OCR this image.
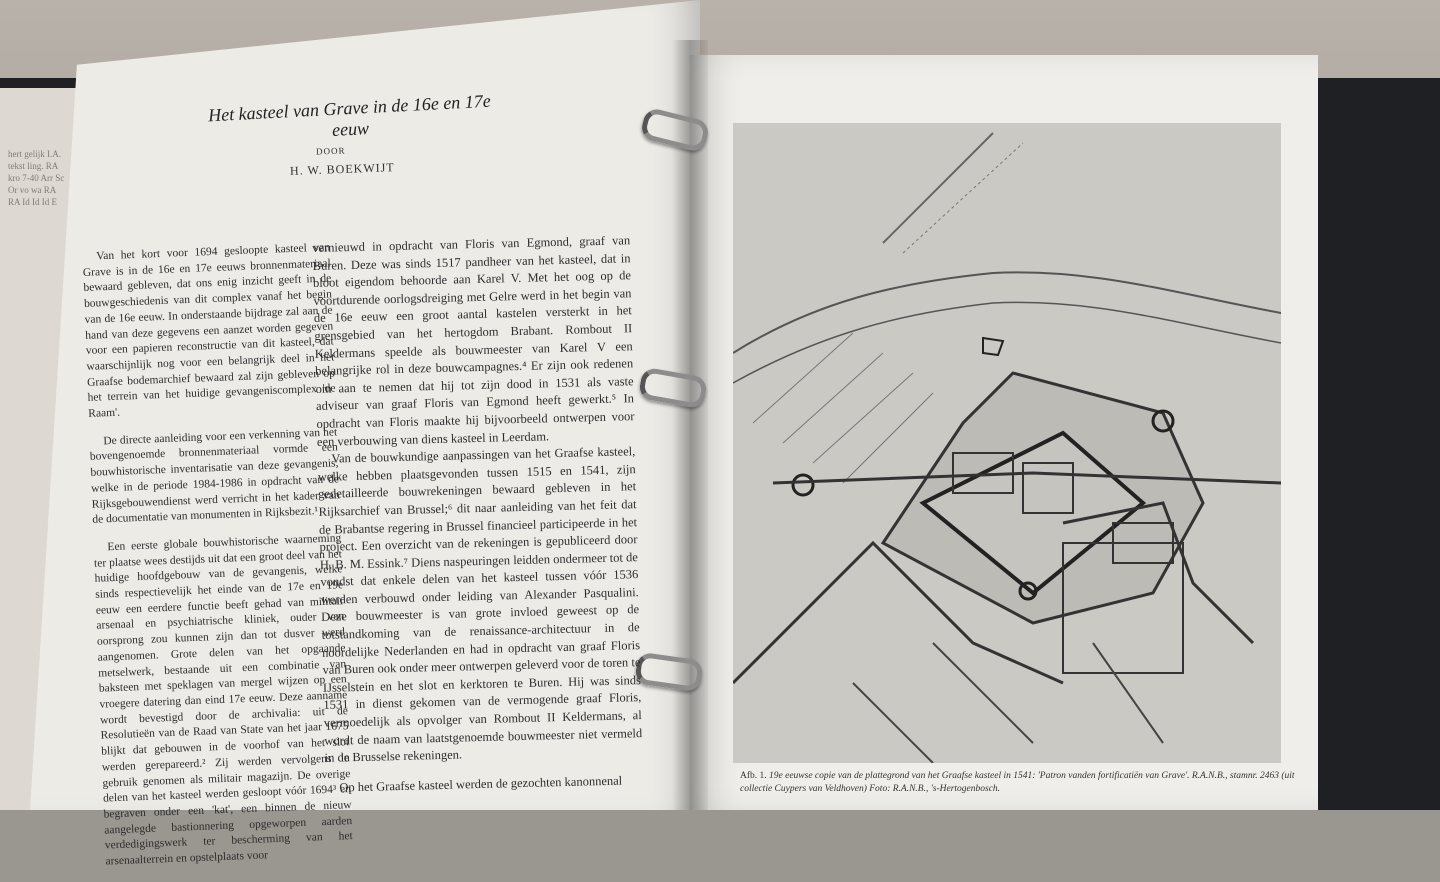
hert gelijk I.A. tekst ling. RA kro 7-40 Arr Sc Or vo wa RA RA Id Id Id E
Het kasteel van Grave in de 16e en 17e eeuw
DOOR
H. W. BOEKWIJT

Van het kort voor 1694 gesloopte kasteel van Grave is in de 16e en 17e eeuws bronnenmateriaal bewaard gebleven, dat ons enig inzicht geeft in de bouwgeschiedenis van dit complex vanaf het begin van de 16e eeuw. In onderstaande bijdrage zal aan de hand van deze gegevens een aanzet worden gegeven voor een papieren reconstructie van dit kasteel, dat waarschijnlijk nog voor een belangrijk deel in het Graafse bodemarchief bewaard zal zijn gebleven op het terrein van het huidige gevangeniscomplex 'de Raam'.

De directe aanleiding voor een verkenning van het bovengenoemde bronnenmateriaal vormde een bouwhistorische inventarisatie van deze gevangenis, welke in de periode 1984-1986 in opdracht van de Rijksgebouwendienst werd verricht in het kader van de documentatie van monumenten in Rijksbezit.¹

Een eerste globale bouwhistorische waarneming ter plaatse wees destijds uit dat een groot deel van het huidige hoofdgebouw van de gevangenis, welke sinds respectievelijk het einde van de 17e en 19e eeuw een eerdere functie beeft gehad van militair arsenaal en psychiatrische kliniek, ouder van oorsprong zou kunnen zijn dan tot dusver werd aangenomen. Grote delen van het opgaande metselwerk, bestaande uit een combinatie van baksteen met speklagen van mergel wijzen op een vroegere datering dan eind 17e eeuw. Deze aanname wordt bevestigd door de archivalia: uit de Resolutieën van de Raad van State van het jaar 1675 blijkt dat gebouwen in de voorhof van het slot werden gerepareerd.² Zij werden vervolgens in gebruik genomen als militair magazijn. De overige delen van het kasteel werden gesloopt vóór 1694³ en begraven onder een 'kat', een binnen de nieuw aangelegde bastionnering opgeworpen aarden verdedigingswerk ter bescherming van het arsenaalterrein en opstelplaats voor

vernieuwd in opdracht van Floris van Egmond, graaf van Buren. Deze was sinds 1517 pandheer van het kasteel, dat in bloot eigendom behoorde aan Karel V. Met het oog op de voortdurende oorlogsdreiging met Gelre werd in het begin van de 16e eeuw een groot aantal kastelen versterkt in het grensgebied van het hertogdom Brabant. Rombout II Keldermans speelde als bouwmeester van Karel V een belangrijke rol in deze bouwcampagnes.⁴ Er zijn ook redenen om aan te nemen dat hij tot zijn dood in 1531 als vaste adviseur van graaf Floris van Egmond heeft gewerkt.⁵ In opdracht van Floris maakte hij bijvoorbeeld ontwerpen voor een verbouwing van diens kasteel in Leerdam.

Van de bouwkundige aanpassingen van het Graafse kasteel, welke hebben plaatsgevonden tussen 1515 en 1541, zijn gedetailleerde bouwrekeningen bewaard gebleven in het Rijksarchief van Brussel;⁶ dit naar aanleiding van het feit dat de Brabantse regering in Brussel financieel participeerde in het project. Een overzicht van de rekeningen is gepubliceerd door H. B. M. Essink.⁷ Diens naspeuringen leidden ondermeer tot de vondst dat enkele delen van het kasteel tussen vóór 1536 werden verbouwd onder leiding van Alexander Pasqualini. Deze bouwmeester is van grote invloed geweest op de totstandkoming van de renaissance-architectuur in de noordelijke Nederlanden en had in opdracht van graaf Floris van Buren ook onder meer ontwerpen geleverd voor de toren te IJsselstein en het slot en kerktoren te Buren. Hij was sinds 1531 in dienst gekomen van de vermogende graaf Floris, vermoedelijk als opvolger van Rombout II Keldermans, al wordt de naam van laatstgenoemde bouwmeester niet vermeld in de Brusselse rekeningen.

Op het Graafse kasteel werden de gezochten kanonnenal	Afb. 1. 19e eeuwse copie van de plattegrond van het Graafse kasteel in 1541: 'Patron vanden fortificatiën van Grave'. R.A.N.B., stamnr. 2463 (uit collectie Cuypers van Veldhoven) Foto: R.A.N.B., 's-Hertogenbosch.
